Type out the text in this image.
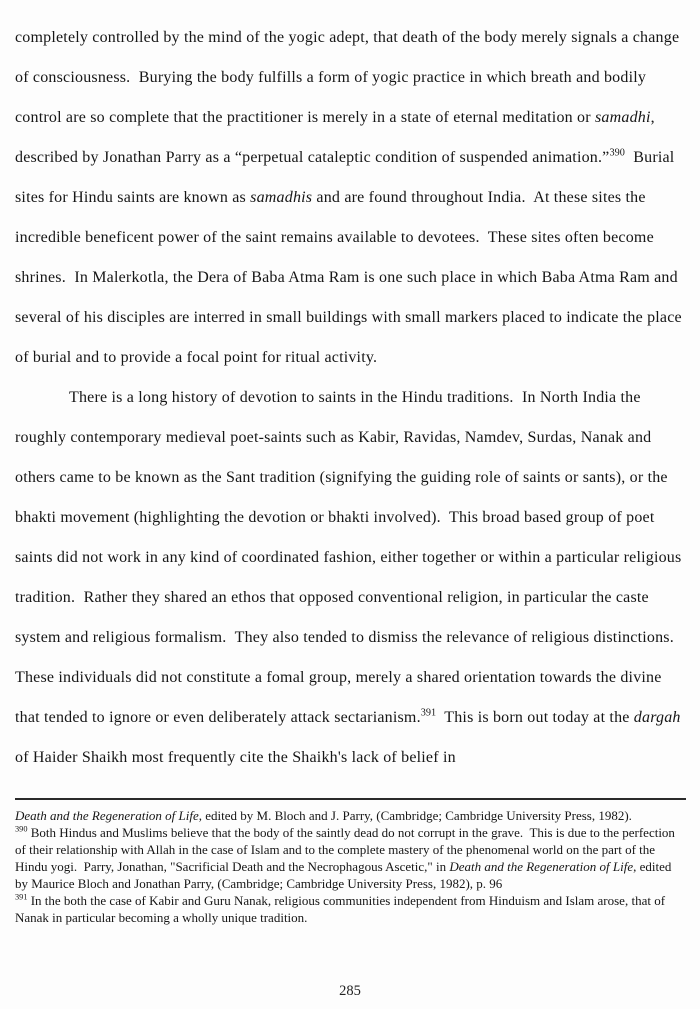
completely controlled by the mind of the yogic adept, that death of the body merely signals a change of consciousness.  Burying the body fulfills a form of yogic practice in which breath and bodily control are so complete that the practitioner is merely in a state of eternal meditation or samadhi, described by Jonathan Parry as a “perpetual cataleptic condition of suspended animation.”$^{390}$  Burial sites for Hindu saints are known as samadhis and are found throughout India.  At these sites the incredible beneficent power of the saint remains available to devotees.  These sites often become shrines.  In Malerkotla, the Dera of Baba Atma Ram is one such place in which Baba Atma Ram and several of his disciples are interred in small buildings with small markers placed to indicate the place of burial and to provide a focal point for ritual activity.

There is a long history of devotion to saints in the Hindu traditions.  In North India the roughly contemporary medieval poet-saints such as Kabir, Ravidas, Namdev, Surdas, Nanak and others came to be known as the Sant tradition (signifying the guiding role of saints or sants), or the bhakti movement (highlighting the devotion or bhakti involved).  This broad based group of poet saints did not work in any kind of coordinated fashion, either together or within a particular religious tradition.  Rather they shared an ethos that opposed conventional religion, in particular the caste system and religious formalism.  They also tended to dismiss the relevance of religious distinctions.  These individuals did not constitute a fomal group, merely a shared orientation towards the divine that tended to ignore or even deliberately attack sectarianism.$^{391}$  This is born out today at the dargah of Haider Shaikh most frequently cite the Shaikh's lack of belief in

Death and the Regeneration of Life, edited by M. Bloch and J. Parry, (Cambridge; Cambridge University Press, 1982).

$^{390}$ Both Hindus and Muslims believe that the body of the saintly dead do not corrupt in the grave.  This is due to the perfection of their relationship with Allah in the case of Islam and to the complete mastery of the phenomenal world on the part of the Hindu yogi.  Parry, Jonathan, "Sacrificial Death and the Necrophagous Ascetic," in Death and the Regeneration of Life, edited by Maurice Bloch and Jonathan Parry, (Cambridge; Cambridge University Press, 1982), p. 96

$^{391}$ In the both the case of Kabir and Guru Nanak, religious communities independent from Hinduism and Islam arose, that of Nanak in particular becoming a wholly unique tradition.

285
